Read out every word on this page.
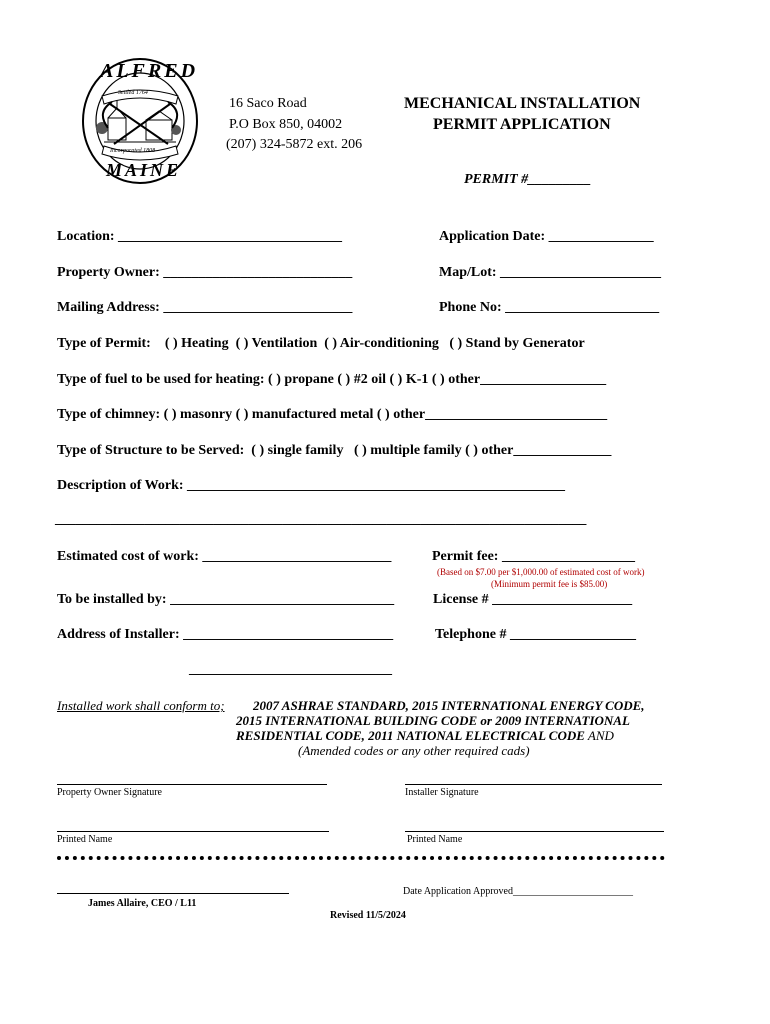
ALFRED
Settled 1764
Incorporated 1808
MAINE
16 Saco Road
P.O Box 850, 04002
(207) 324-5872 ext. 206
MECHANICAL INSTALLATION
PERMIT APPLICATION
PERMIT #_________
Location: ________________________________	Application Date: _______________
Property Owner: ___________________________	Map/Lot: _______________________
Mailing Address: ___________________________	Phone No: ______________________
Type of Permit:    ( ) Heating  ( ) Ventilation  ( ) Air-conditioning   ( ) Stand by Generator
Type of fuel to be used for heating: ( ) propane ( ) #2 oil ( ) K-1 ( ) other__________________
Type of chimney: ( ) masonry ( ) manufactured metal ( ) other__________________________
Type of Structure to be Served:  ( ) single family   ( ) multiple family ( ) other______________
Description of Work: ______________________________________________________
_____________________________________________________________________________
Estimated cost of work: ___________________________	Permit fee: ___________________
(Based on $7.00 per $1,000.00 of estimated cost of work)
(Minimum permit fee is $85.00)
To be installed by: ________________________________	License # ____________________
Address of Installer: ______________________________	Telephone # __________________
_____________________________
Installed work shall conform to; 2007 ASHRAE STANDARD, 2015 INTERNATIONAL ENERGY CODE,
2015 INTERNATIONAL BUILDING CODE or 2009 INTERNATIONAL
RESIDENTIAL CODE, 2011 NATIONAL ELECTRICAL CODE AND
(Amended codes or any other required cads)
Property Owner Signature	Installer Signature
Printed Name	Printed Name
Date Application Approved________________________
James Allaire, CEO / L11
Revised 11/5/2024
